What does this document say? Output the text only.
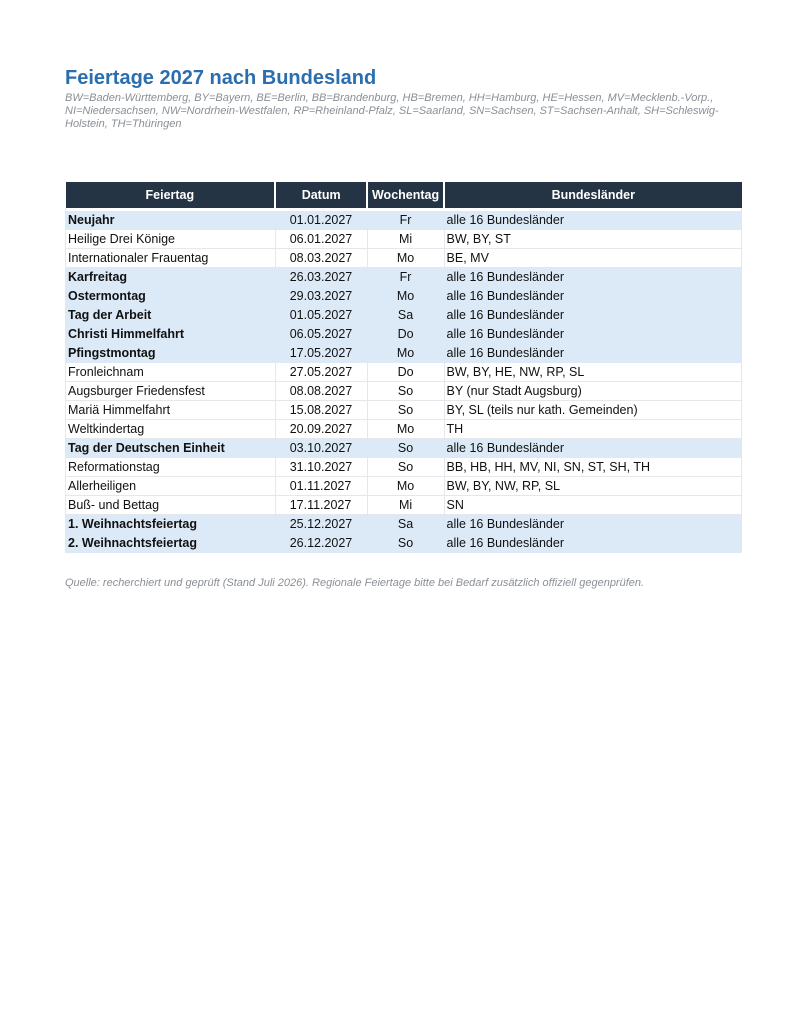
Feiertage 2027 nach Bundesland
BW=Baden-Württemberg, BY=Bayern, BE=Berlin, BB=Brandenburg, HB=Bremen, HH=Hamburg, HE=Hessen, MV=Mecklenb.-Vorp., NI=Niedersachsen, NW=Nordrhein-Westfalen, RP=Rheinland-Pfalz, SL=Saarland, SN=Sachsen, ST=Sachsen-Anhalt, SH=Schleswig-Holstein, TH=Thüringen
Feiertag	Datum	Wochentag	Bundesländer

Neujahr	01.01.2027	Fr	alle 16 Bundesländer
Heilige Drei Könige	06.01.2027	Mi	BW, BY, ST
Internationaler Frauentag	08.03.2027	Mo	BE, MV
Karfreitag	26.03.2027	Fr	alle 16 Bundesländer
Ostermontag	29.03.2027	Mo	alle 16 Bundesländer
Tag der Arbeit	01.05.2027	Sa	alle 16 Bundesländer
Christi Himmelfahrt	06.05.2027	Do	alle 16 Bundesländer
Pfingstmontag	17.05.2027	Mo	alle 16 Bundesländer
Fronleichnam	27.05.2027	Do	BW, BY, HE, NW, RP, SL
Augsburger Friedensfest	08.08.2027	So	BY (nur Stadt Augsburg)
Mariä Himmelfahrt	15.08.2027	So	BY, SL (teils nur kath. Gemeinden)
Weltkindertag	20.09.2027	Mo	TH
Tag der Deutschen Einheit	03.10.2027	So	alle 16 Bundesländer
Reformationstag	31.10.2027	So	BB, HB, HH, MV, NI, SN, ST, SH, TH
Allerheiligen	01.11.2027	Mo	BW, BY, NW, RP, SL
Buß- und Bettag	17.11.2027	Mi	SN
1. Weihnachtsfeiertag	25.12.2027	Sa	alle 16 Bundesländer
2. Weihnachtsfeiertag	26.12.2027	So	alle 16 Bundesländer
Quelle: recherchiert und geprüft (Stand Juli 2026). Regionale Feiertage bitte bei Bedarf zusätzlich offiziell gegenprüfen.
